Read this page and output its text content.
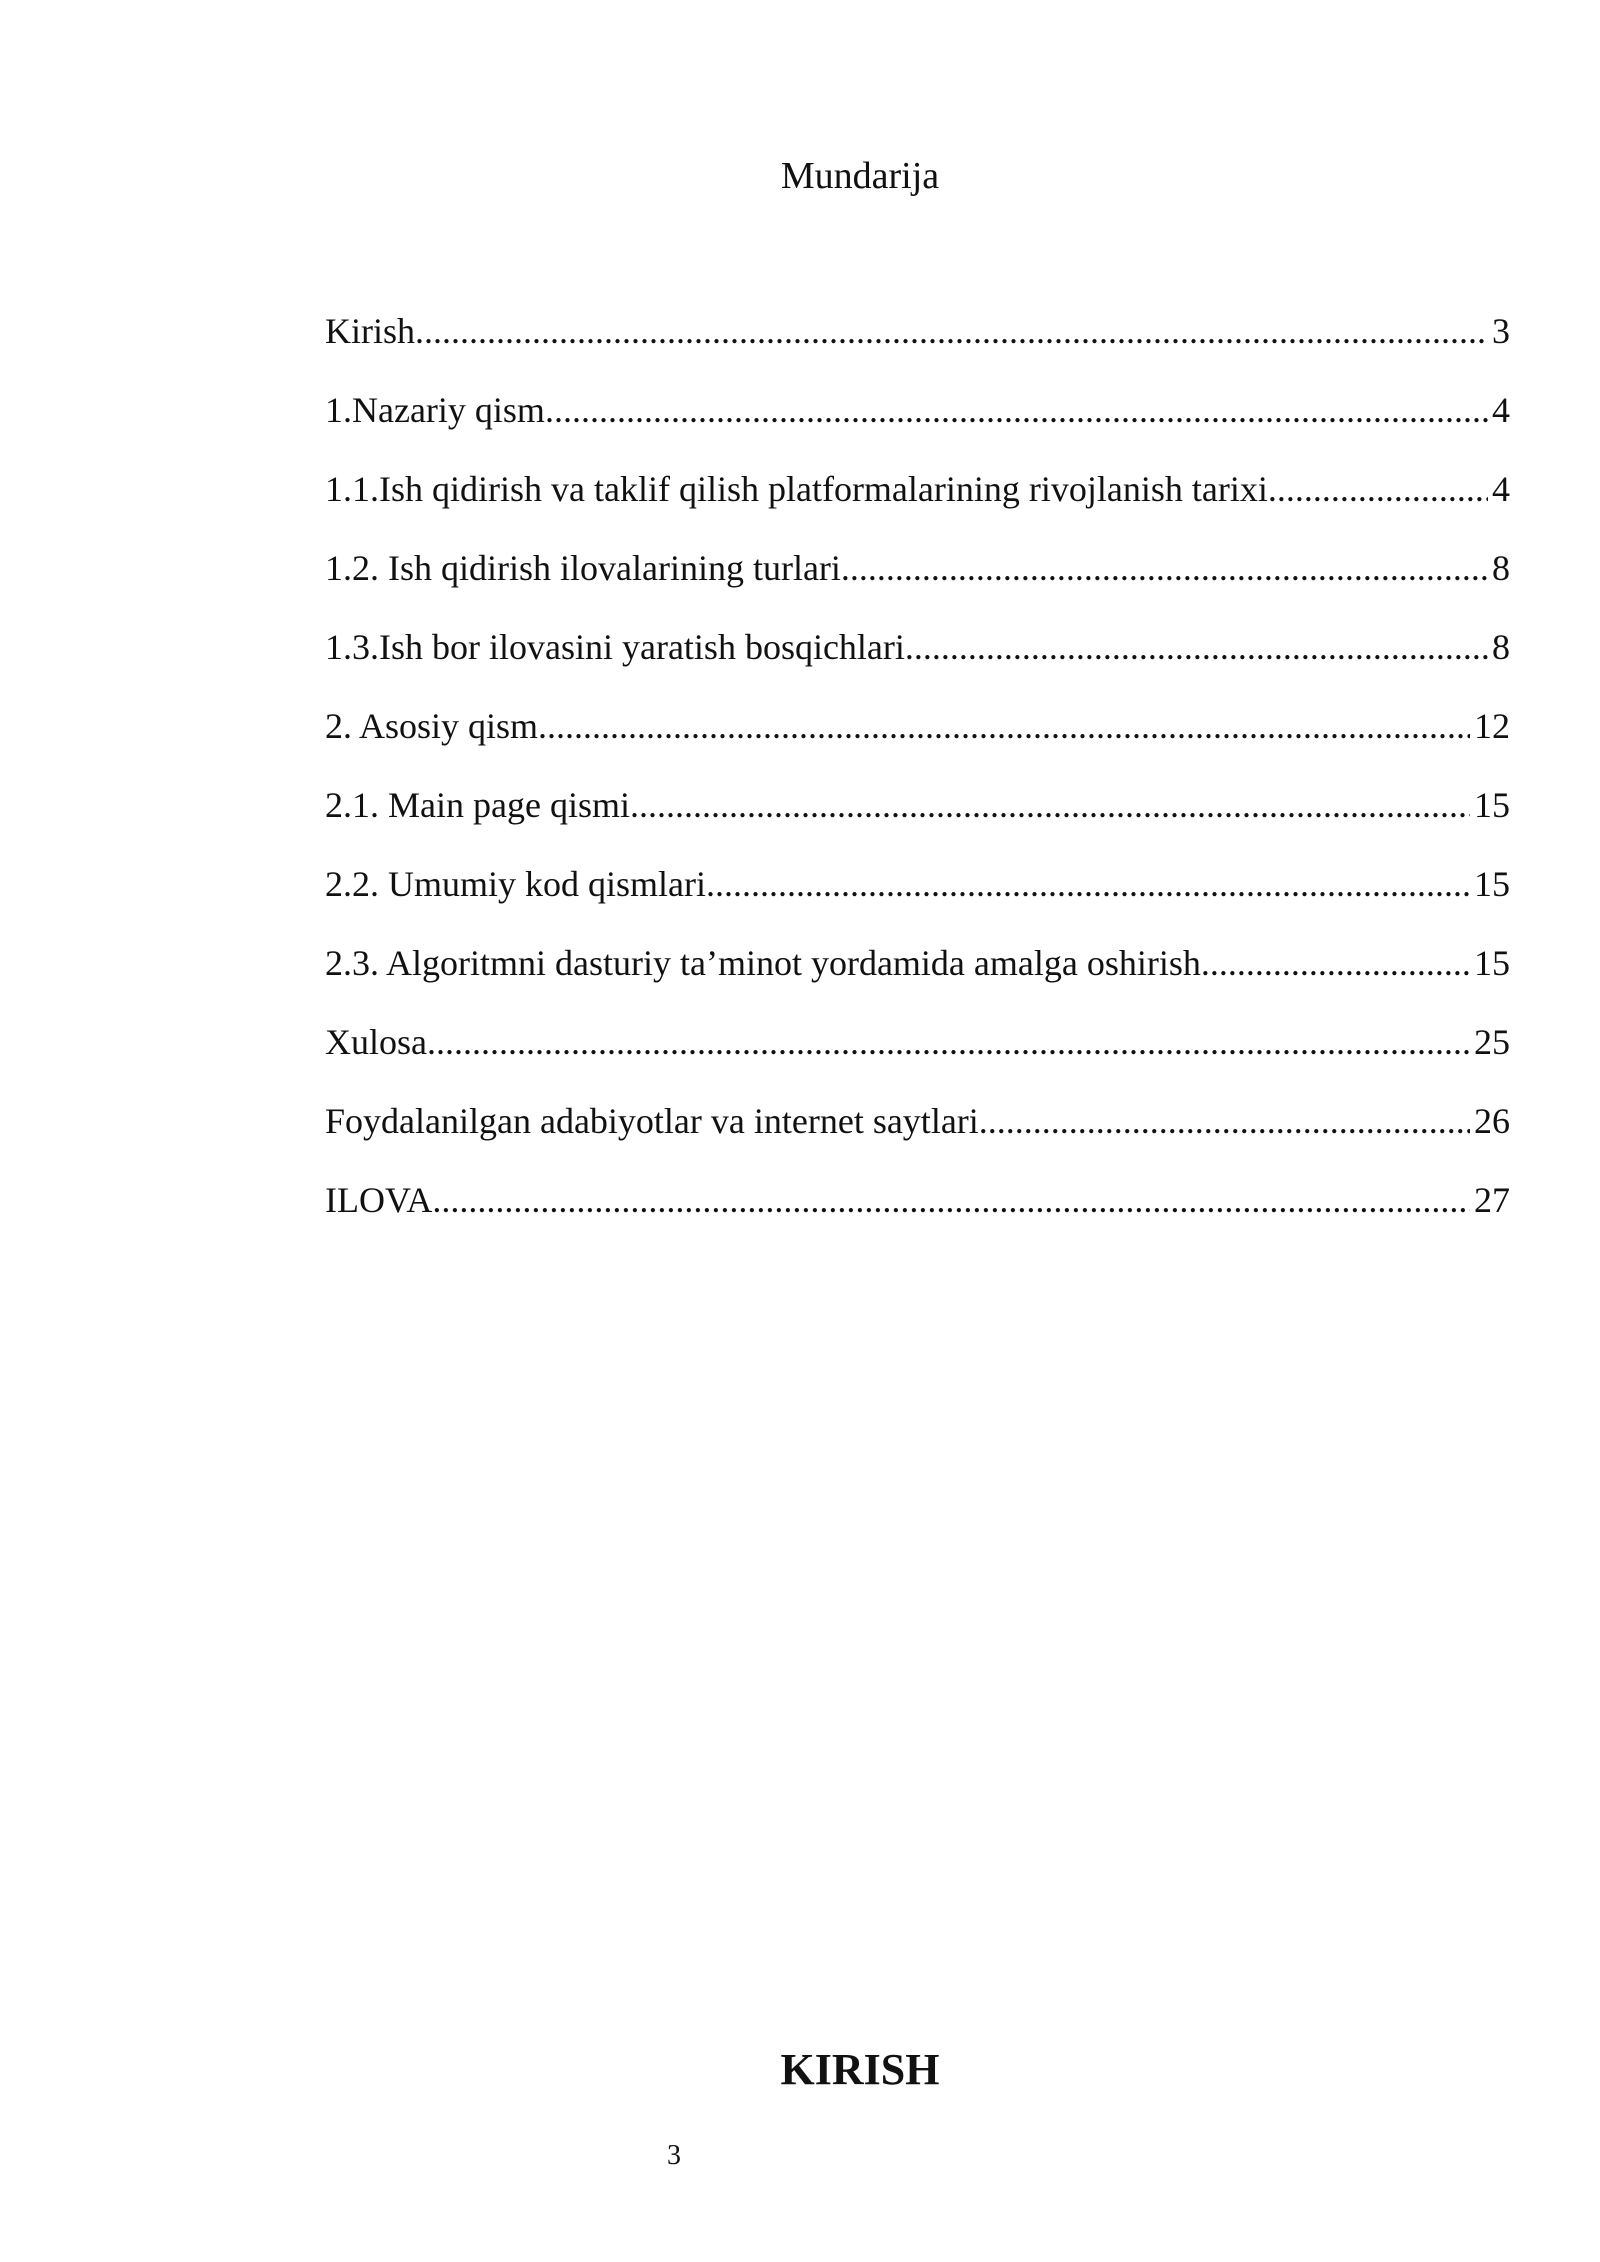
Mundarija
Kirish .....	3
1.Nazariy qism .....	4
1.1.Ish qidirish va taklif qilish platformalarining rivojlanish tarixi .....	4
1.2. Ish qidirish ilovalarining turlari .....	8
1.3.Ish bor ilovasini yaratish bosqichlari .....	8
2. Asosiy qism .....	12
2.1. Main page qismi .....	15
2.2. Umumiy kod qismlari .....	15
2.3. Algoritmni dasturiy ta’minot yordamida amalga oshirish .....	15
Xulosa .....	25
Foydalanilgan adabiyotlar va internet saytlari .....	26
ILOVA .....	27
KIRISH
3
